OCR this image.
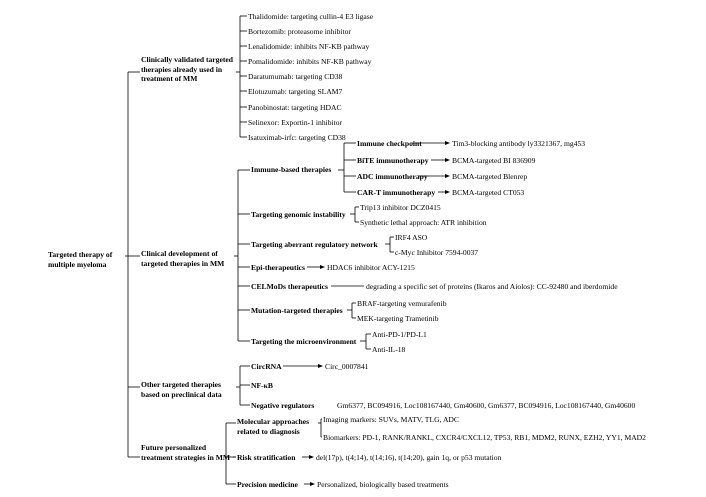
Targeted therapy of multiple myeloma
Clinically validated targeted therapies already used in treatment of MM
Thalidomide: targeting cullin-4 E3 ligase
Bortezomib: proteasome inhibitor
Lenalidomide: inhibits NF-KB pathway
Pomalidomide: inhibits NF-KB pathway
Daratumumab: targeting CD38
Elotuzumab: targeting SLAM7
Panobinostat: targeting HDAC
Selinexor: Exportin-1 inhibitor
Isatuximab-irfc: targeting CD38
Clinical development of targeted therapies in MM
Immune-based therapies
Immune checkpoint	Tim3-blocking antibody ly3321367, mg453
BiTE immunotherapy	BCMA-targeted BI 836909
ADC immunotherapy	BCMA-targeted Blenrep
CAR-T immunotherapy BCMA-targeted CT053
Targeting genomic instability
Trip13 inhibitor DCZ0415
Synthetic lethal approach: ATR inhibition
Targeting aberrant regulatory network
IRF4 ASO
c-Myc Inhibitor 7594-0037
Epi-therapeutics	HDAC6 inhibitor ACY-1215
CELMoDs therapeutics	degrading a specific set of proteins (Ikaros and Aiolos): CC-92480 and iberdomide
Mutation-targeted therapies
BRAF-targeting vemurafenib
MEK-targeting Trametinib
Targeting the microenvironment
Anti-PD-1/PD-L1
Anti-IL-18
Other targeted therapies based on preclinical data
CircRNA	Circ_0007841
NF-κB
Negative regulators	Gm6377, BC094916, Loc108167440, Gm40600, Gm6377, BC094916, Loc108167440, Gm40600
Future personalized treatment strategies in MM
Molecular approaches related to diagnosis
Imaging markers: SUVs, MATV, TLG, ADC
Biomarkers: PD-1, RANK/RANKL, CXCR4/CXCL12, TP53, RB1, MDM2, RUNX, EZH2, YY1, MAD2
Risk stratification	del(17p), t(4;14), t(14;16), t(14;20), gain 1q, or p53 mutation
Precision medicine	Personalized, biologically based treatments
